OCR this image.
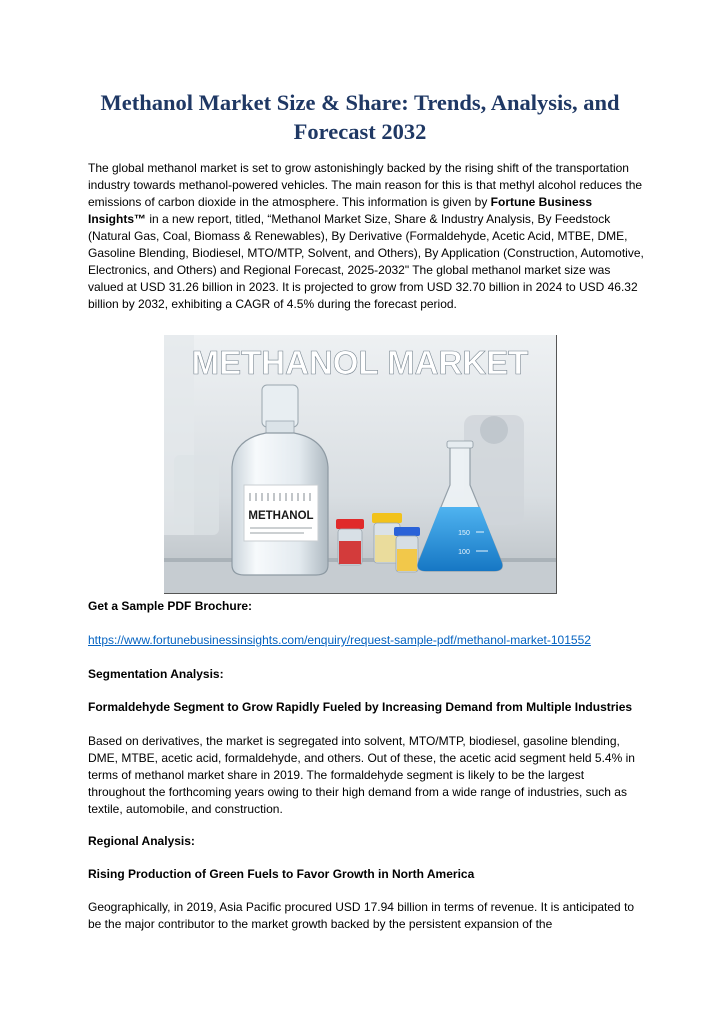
Methanol Market Size & Share: Trends, Analysis, and Forecast 2032

The global methanol market is set to grow astonishingly backed by the rising shift of the transportation industry towards methanol-powered vehicles. The main reason for this is that methyl alcohol reduces the emissions of carbon dioxide in the atmosphere. This information is given by Fortune Business Insights™ in a new report, titled, “Methanol Market Size, Share & Industry Analysis, By Feedstock (Natural Gas, Coal, Biomass & Renewables), By Derivative (Formaldehyde, Acetic Acid, MTBE, DME, Gasoline Blending, Biodiesel, MTO/MTP, Solvent, and Others), By Application (Construction, Automotive, Electronics, and Others) and Regional Forecast, 2025-2032" The global methanol market size was valued at USD 31.26 billion in 2023. It is projected to grow from USD 32.70 billion in 2024 to USD 46.32 billion by 2032, exhibiting a CAGR of 4.5% during the forecast period.

METHANOL MARKET
METHANOL
150
100

Get a Sample PDF Brochure:

https://www.fortunebusinessinsights.com/enquiry/request-sample-pdf/methanol-market-101552

Segmentation Analysis:

Formaldehyde Segment to Grow Rapidly Fueled by Increasing Demand from Multiple Industries

Based on derivatives, the market is segregated into solvent, MTO/MTP, biodiesel, gasoline blending, DME, MTBE, acetic acid, formaldehyde, and others. Out of these, the acetic acid segment held 5.4% in terms of methanol market share in 2019. The formaldehyde segment is likely to be the largest throughout the forthcoming years owing to their high demand from a wide range of industries, such as textile, automobile, and construction.

Regional Analysis:

Rising Production of Green Fuels to Favor Growth in North America

Geographically, in 2019, Asia Pacific procured USD 17.94 billion in terms of revenue. It is anticipated to be the major contributor to the market growth backed by the persistent expansion of the
